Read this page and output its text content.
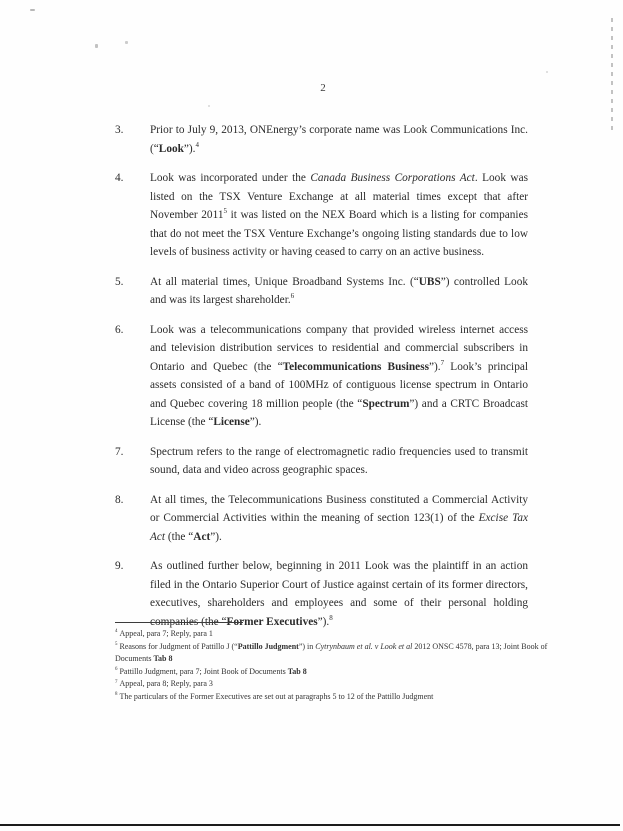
2
3.	Prior to July 9, 2013, ONEnergy’s corporate name was Look Communications Inc. (“Look”).$^4$
4.	Look was incorporated under the Canada Business Corporations Act. Look was listed on the TSX Venture Exchange at all material times except that after November 2011$^5$ it was listed on the NEX Board which is a listing for companies that do not meet the TSX Venture Exchange’s ongoing listing standards due to low levels of business activity or having ceased to carry on an active business.
5.	At all material times, Unique Broadband Systems Inc. (“UBS”) controlled Look and was its largest shareholder.$^6$
6.	Look was a telecommunications company that provided wireless internet access and television distribution services to residential and commercial subscribers in Ontario and Quebec (the “Telecommunications Business”).$^7$ Look’s principal assets consisted of a band of 100MHz of contiguous license spectrum in Ontario and Quebec covering 18 million people (the “Spectrum”) and a CRTC Broadcast License (the “License”).
7.	Spectrum refers to the range of electromagnetic radio frequencies used to transmit sound, data and video across geographic spaces.
8.	At all times, the Telecommunications Business constituted a Commercial Activity or Commercial Activities within the meaning of section 123(1) of the Excise Tax Act (the “Act”).
9.	As outlined further below, beginning in 2011 Look was the plaintiff in an action filed in the Ontario Superior Court of Justice against certain of its former directors, executives, shareholders and employees and some of their personal holding companies (the “Former Executives”).$^8$
$^4$ Appeal, para 7; Reply, para 1
$^5$ Reasons for Judgment of Pattillo J (“Pattillo Judgment”) in Cytrynbaum et al. v Look et al 2012 ONSC 4578, para 13; Joint Book of Documents Tab 8
$^6$ Pattillo Judgment, para 7; Joint Book of Documents Tab 8
$^7$ Appeal, para 8; Reply, para 3
$^8$ The particulars of the Former Executives are set out at paragraphs 5 to 12 of the Pattillo Judgment
